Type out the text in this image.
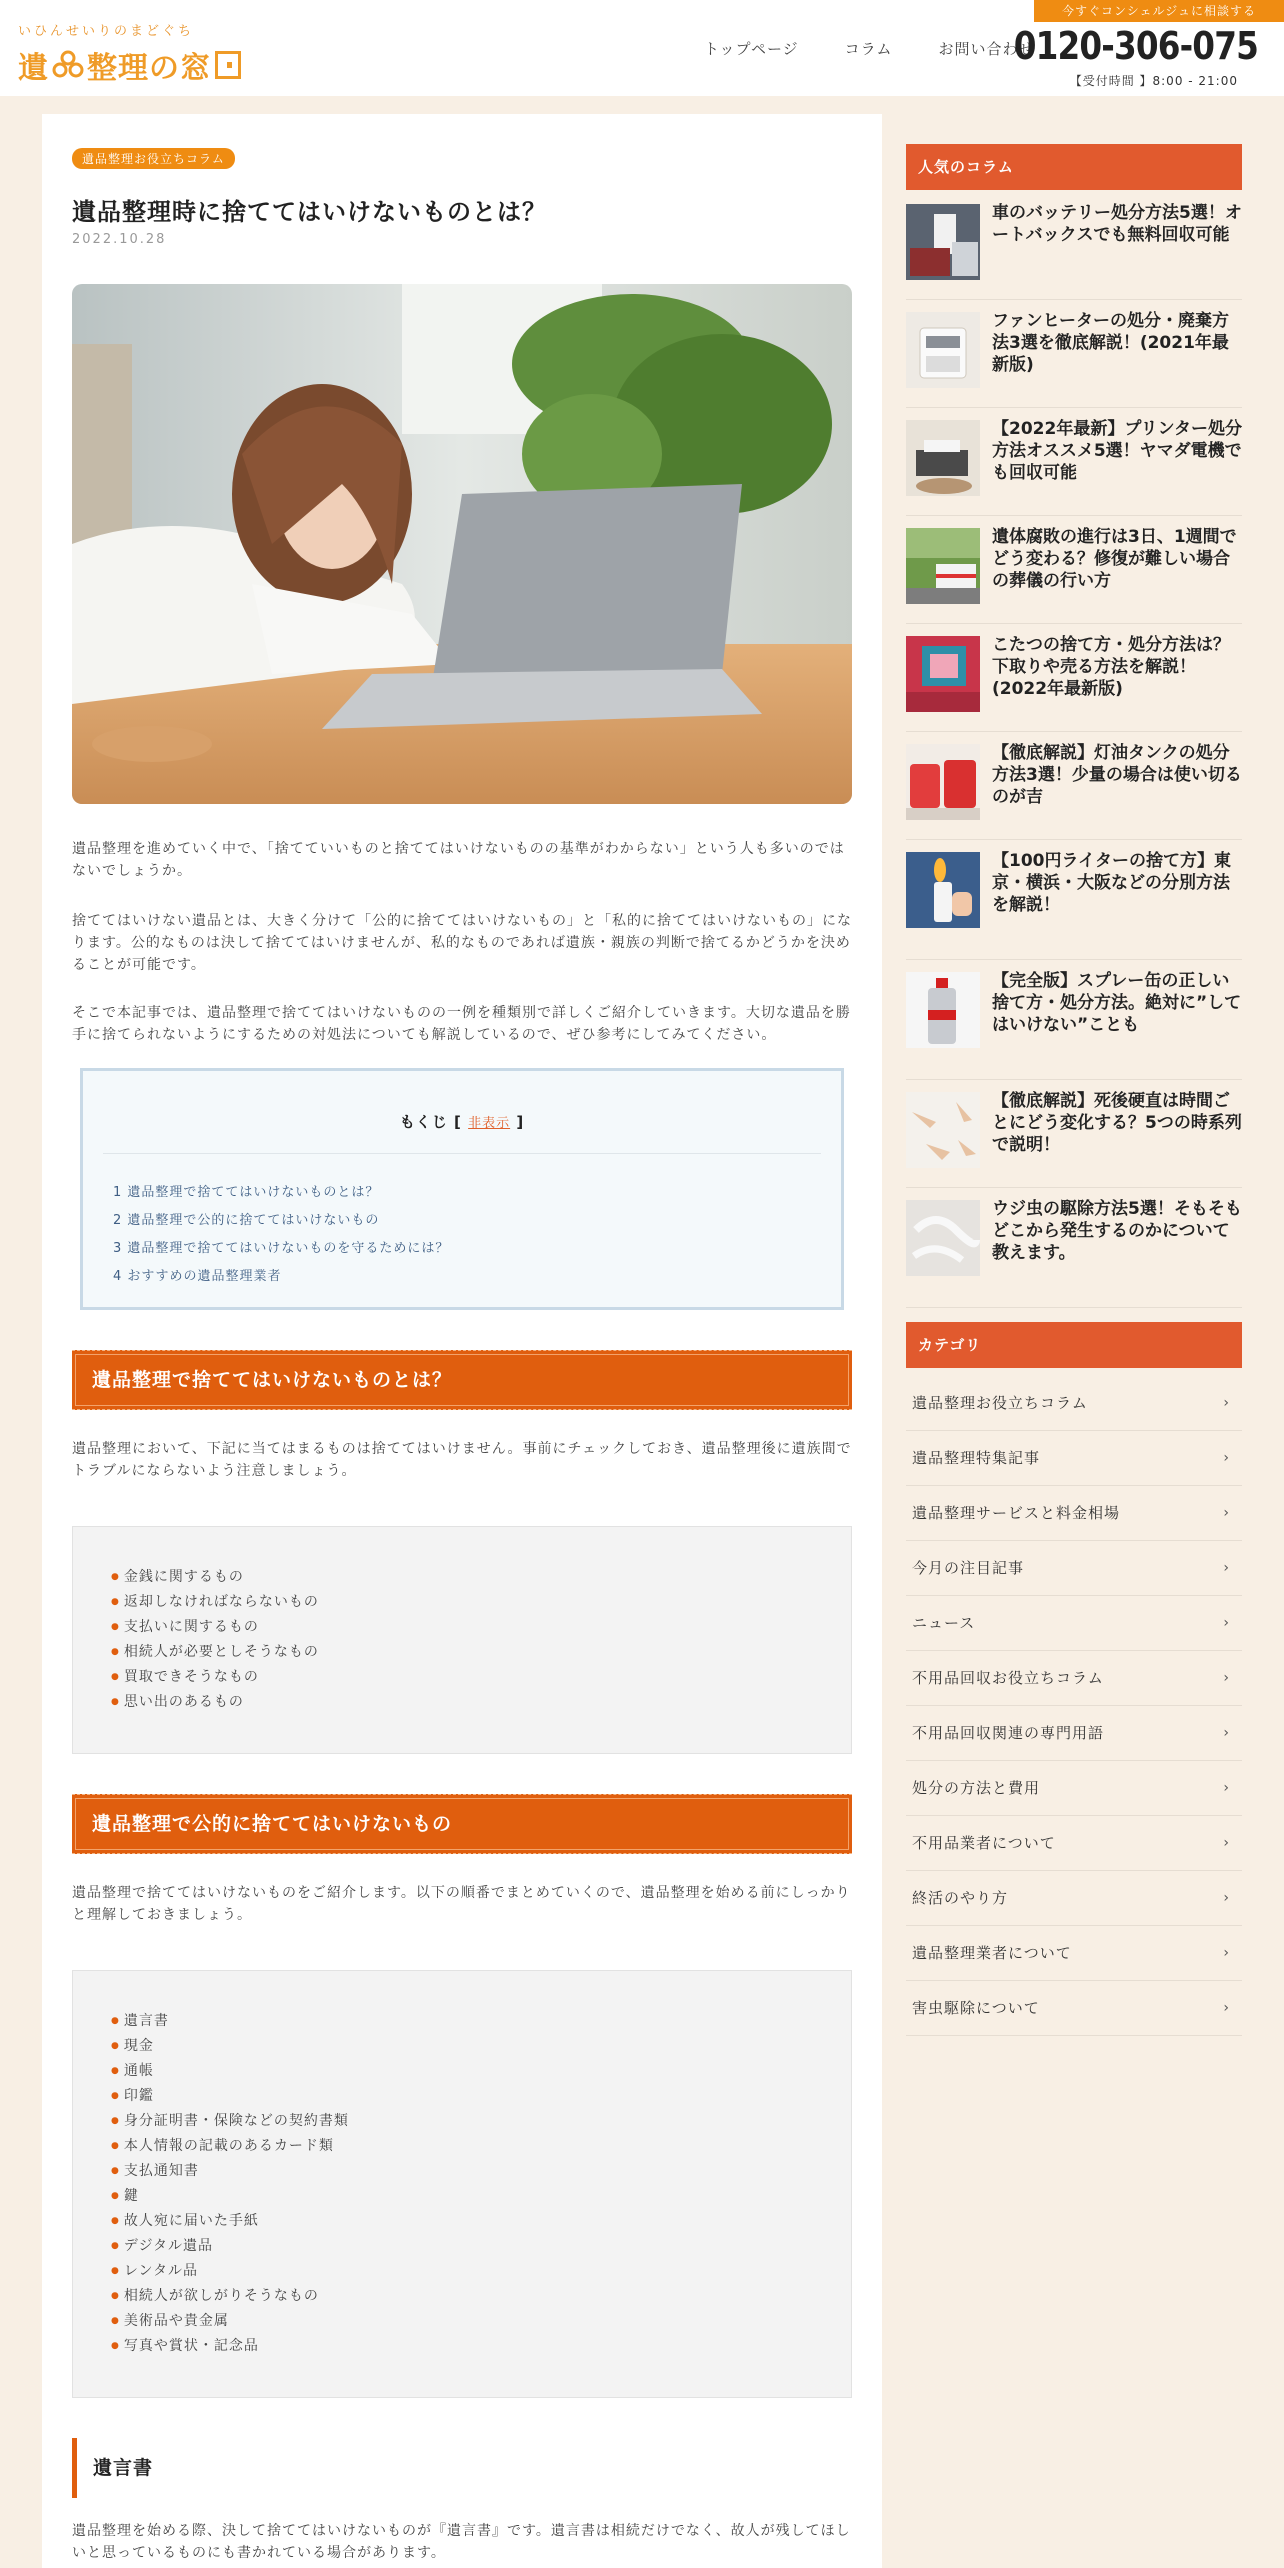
いひんせいりのまどぐち
遺 整理の窓
トップページ	コラム	お問い合わせ
今すぐコンシェルジュに相談する
0120-306-075
【受付時間 】8:00 - 21:00
遺品整理お役立ちコラム
遺品整理時に捨ててはいけないものとは？
2022.10.28

遺品整理を進めていく中で、「捨てていいものと捨ててはいけないものの基準がわからない」という人も多いのではないでしょうか。

捨ててはいけない遺品とは、大きく分けて「公的に捨ててはいけないもの」と「私的に捨ててはいけないもの」になります。公的なものは決して捨ててはいけませんが、私的なものであれば遺族・親族の判断で捨てるかどうかを決めることが可能です。

そこで本記事では、遺品整理で捨ててはいけないものの一例を種類別で詳しくご紹介していきます。大切な遺品を勝手に捨てられないようにするための対処法についても解説しているので、ぜひ参考にしてみてください。

もくじ [ 非表示 ]
1 遺品整理で捨ててはいけないものとは？
2 遺品整理で公的に捨ててはいけないもの
3 遺品整理で捨ててはいけないものを守るためには？
4 おすすめの遺品整理業者
遺品整理で捨ててはいけないものとは？

遺品整理において、下記に当てはまるものは捨ててはいけません。事前にチェックしておき、遺品整理後に遺族間でトラブルにならないよう注意しましょう。

● 金銭に関するもの
● 返却しなければならないもの
● 支払いに関するもの
● 相続人が必要としそうなもの
● 買取できそうなもの
● 思い出のあるもの
遺品整理で公的に捨ててはいけないもの

遺品整理で捨ててはいけないものをご紹介します。以下の順番でまとめていくので、遺品整理を始める前にしっかりと理解しておきましょう。

● 遺言書
● 現金
● 通帳
● 印鑑
● 身分証明書・保険などの契約書類
● 本人情報の記載のあるカード類
● 支払通知書
● 鍵
● 故人宛に届いた手紙
● デジタル遺品
● レンタル品
● 相続人が欲しがりそうなもの
● 美術品や貴金属
● 写真や賞状・記念品
遺言書

遺品整理を始める際、決して捨ててはいけないものが『遺言書』です。遺言書は相続だけでなく、故人が残してほしいと思っているものにも書かれている場合があります。

人気のコラム
車のバッテリー処分方法5選！オートバックスでも無料回収可能
ファンヒーターの処分・廃棄方法3選を徹底解説！(2021年最新版)
【2022年最新】プリンター処分方法オススメ5選！ヤマダ電機でも回収可能
遺体腐敗の進行は3日、1週間でどう変わる？修復が難しい場合の葬儀の行い方
こたつの捨て方・処分方法は？下取りや売る方法を解説！(2022年最新版)
【徹底解説】灯油タンクの処分方法3選！少量の場合は使い切るのが吉
【100円ライターの捨て方】東京・横浜・大阪などの分別方法を解説！
【完全版】スプレー缶の正しい捨て方・処分方法。絶対に”してはいけない”ことも
【徹底解説】死後硬直は時間ごとにどう変化する？5つの時系列で説明！
ウジ虫の駆除方法5選！そもそもどこから発生するのかについて教えます。
カテゴリ
遺品整理お役立ちコラム	›
遺品整理特集記事	›
遺品整理サービスと料金相場	›
今月の注目記事	›
ニュース	›
不用品回収お役立ちコラム	›
不用品回収関連の専門用語	›
処分の方法と費用	›
不用品業者について	›
終活のやり方	›
遺品整理業者について	›
害虫駆除について	›
